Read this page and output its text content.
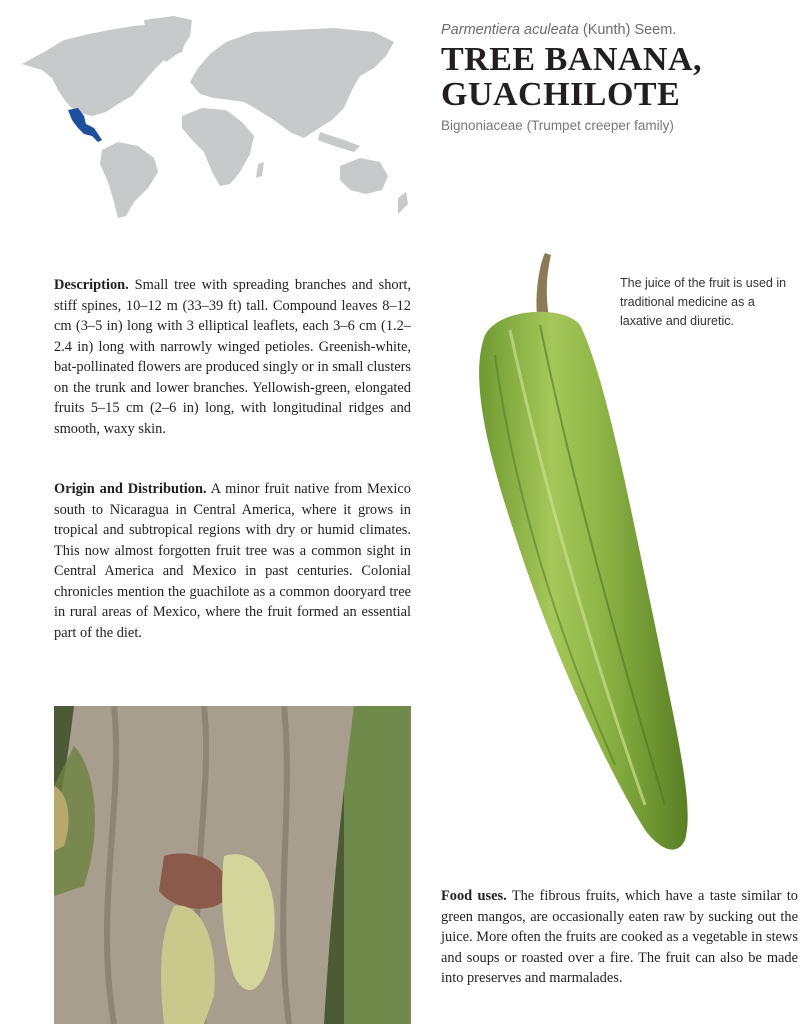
Parmentiera aculeata (Kunth) Seem.

TREE BANANA,
GUACHILOTE

Bignoniaceae (Trumpet creeper family)

Description. Small tree with spreading branches and short, stiff spines, 10–12 m (33–39 ft) tall. Compound leaves 8–12 cm (3–5 in) long with 3 elliptical leaflets, each 3–6 cm (1.2–2.4 in) long with narrowly winged petioles. Greenish-white, bat-pollinated flowers are produced singly or in small clusters on the trunk and lower branches. Yellowish-green, elongated fruits 5–15 cm (2–6 in) long, with longitudinal ridges and smooth, waxy skin.

Origin and Distribution. A minor fruit native from Mexico south to Nicaragua in Central America, where it grows in tropical and subtropical regions with dry or humid climates. This now almost forgotten fruit tree was a common sight in Central America and Mexico in past centuries. Colonial chronicles mention the guachilote as a common dooryard tree in rural areas of Mexico, where the fruit formed an essential part of the diet.

The juice of the fruit is used in traditional medicine as a laxative and diuretic.

Food uses. The fibrous fruits, which have a taste similar to green mangos, are occasionally eaten raw by sucking out the juice. More often the fruits are cooked as a vegetable in stews and soups or roasted over a fire. The fruit can also be made into preserves and marmalades.
